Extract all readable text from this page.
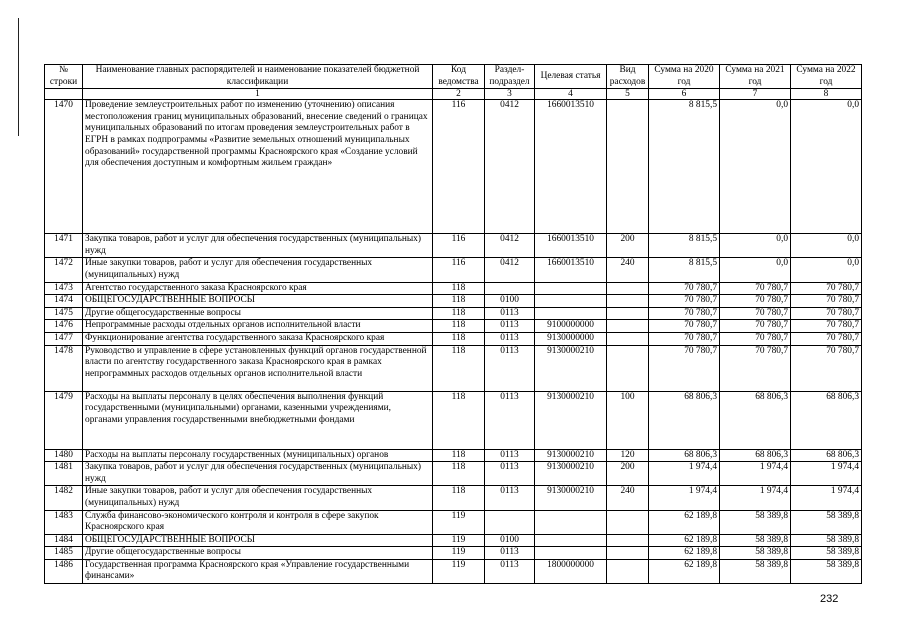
№ строки	Наименование главных распорядителей и наименование показателей бюджетной классификации	Код ведомства	Раздел-подраздел	Целевая статья	Вид расходов	Сумма на 2020 год	Сумма на 2021 год	Сумма на 2022 год
	1	2	3	4	5	6	7	8
1470	Проведение землеустроительных работ по изменению (уточнению) описания местоположения границ муниципальных образований, внесение сведений о границах муниципальных образований по итогам проведения землеустроительных работ в ЕГРН в рамках подпрограммы «Развитие земельных отношений муниципальных образований» государственной программы Красноярского края «Создание условий для обеспечения доступным и комфортным жильем граждан»	116	0412	1660013510		8 815,5	0,0	0,0
1471	Закупка товаров, работ и услуг для обеспечения государственных (муниципальных) нужд	116	0412	1660013510	200	8 815,5	0,0	0,0
1472	Иные закупки товаров, работ и услуг для обеспечения государственных (муниципальных) нужд	116	0412	1660013510	240	8 815,5	0,0	0,0
1473	Агентство государственного заказа Красноярского края	118				70 780,7	70 780,7	70 780,7
1474	ОБЩЕГОСУДАРСТВЕННЫЕ ВОПРОСЫ	118	0100			70 780,7	70 780,7	70 780,7
1475	Другие общегосударственные вопросы	118	0113			70 780,7	70 780,7	70 780,7
1476	Непрограммные расходы отдельных органов исполнительной власти	118	0113	9100000000		70 780,7	70 780,7	70 780,7
1477	Функционирование агентства государственного заказа Красноярского края	118	0113	9130000000		70 780,7	70 780,7	70 780,7
1478	Руководство и управление в сфере установленных функций органов государственной власти по агентству государственного заказа Красноярского края в рамках непрограммных расходов отдельных органов исполнительной власти	118	0113	9130000210		70 780,7	70 780,7	70 780,7
1479	Расходы на выплаты персоналу в целях обеспечения выполнения функций государственными (муниципальными) органами, казенными учреждениями, органами управления государственными внебюджетными фондами	118	0113	9130000210	100	68 806,3	68 806,3	68 806,3
1480	Расходы на выплаты персоналу государственных (муниципальных) органов	118	0113	9130000210	120	68 806,3	68 806,3	68 806,3
1481	Закупка товаров, работ и услуг для обеспечения государственных (муниципальных) нужд	118	0113	9130000210	200	1 974,4	1 974,4	1 974,4
1482	Иные закупки товаров, работ и услуг для обеспечения государственных (муниципальных) нужд	118	0113	9130000210	240	1 974,4	1 974,4	1 974,4
1483	Служба финансово-экономического контроля и контроля в сфере закупок Красноярского края	119				62 189,8	58 389,8	58 389,8
1484	ОБЩЕГОСУДАРСТВЕННЫЕ ВОПРОСЫ	119	0100			62 189,8	58 389,8	58 389,8
1485	Другие общегосударственные вопросы	119	0113			62 189,8	58 389,8	58 389,8
1486	Государственная программа Красноярского края «Управление государственными финансами»	119	0113	1800000000		62 189,8	58 389,8	58 389,8
232
